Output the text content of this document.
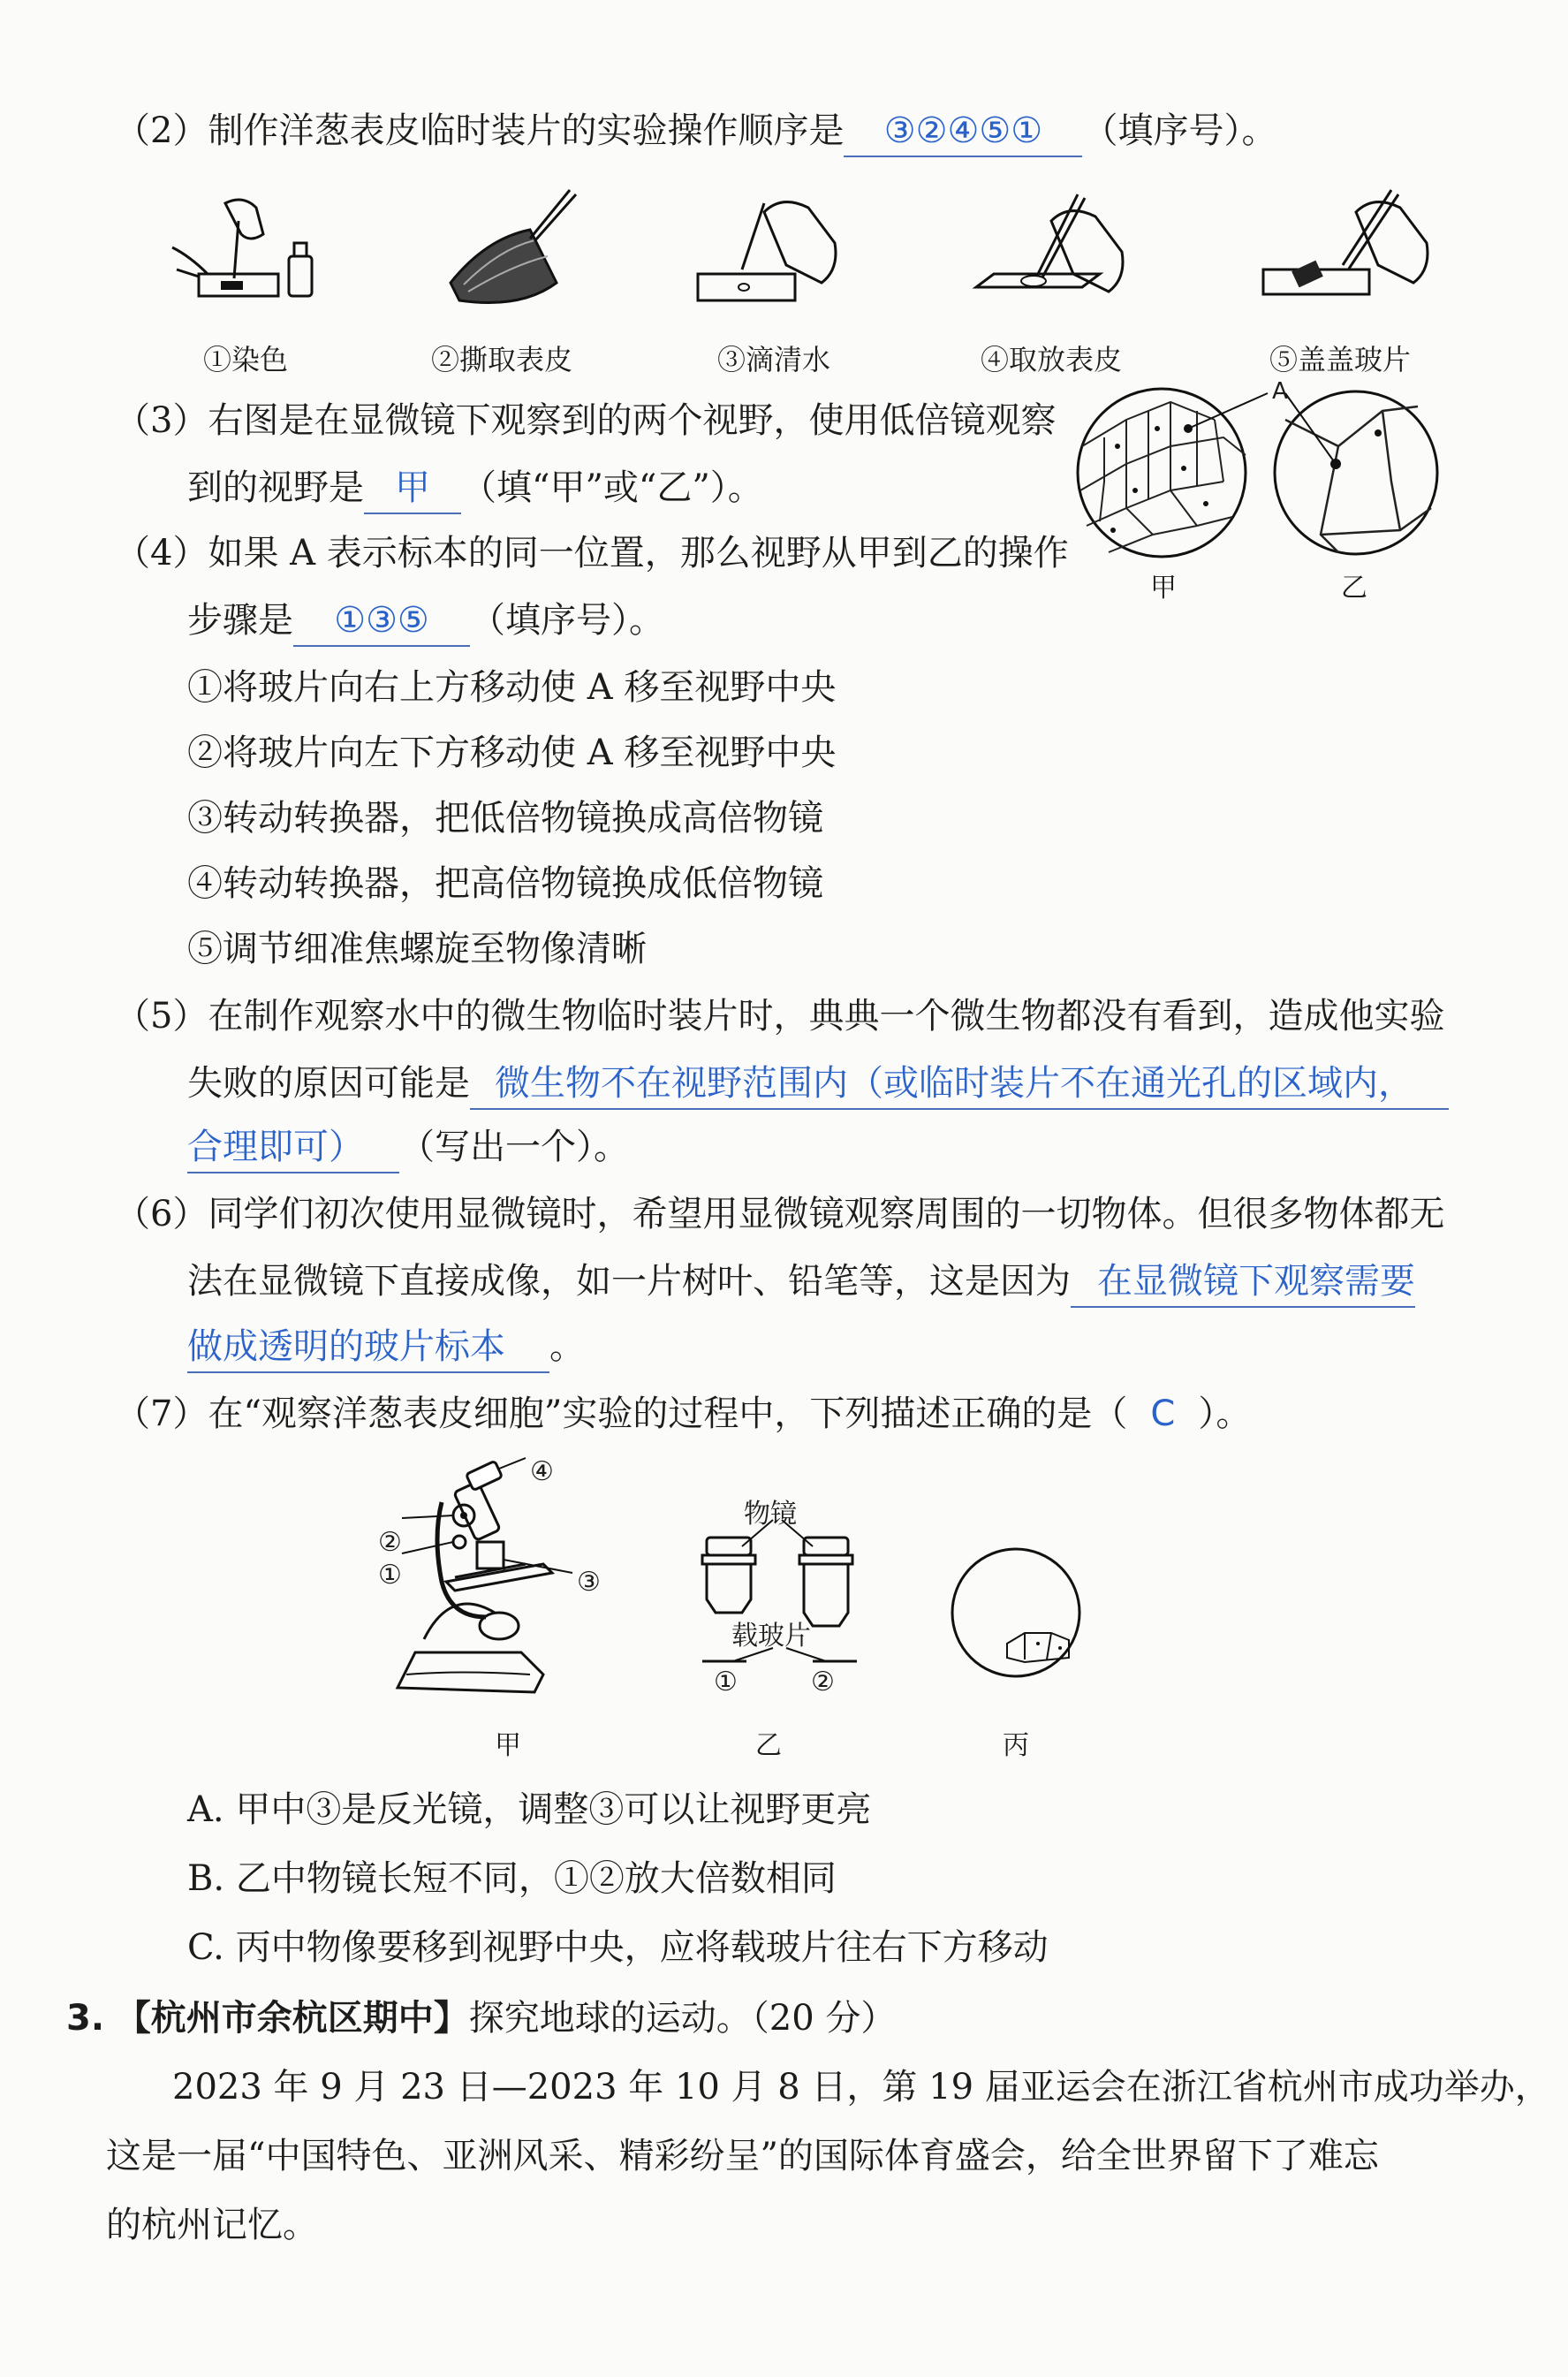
（2）制作洋葱表皮临时装片的实验操作顺序是 ③②④⑤① （填序号）。
①染色	②撕取表皮	③滴清水	④取放表皮	⑤盖盖玻片
（3）右图是在显微镜下观察到的两个视野，使用低倍镜观察
到的视野是 甲 （填“甲”或“乙”）。
A
甲	乙
（4）如果 A 表示标本的同一位置，那么视野从甲到乙的操作
步骤是 ①③⑤ （填序号）。
①将玻片向右上方移动使 A 移至视野中央
②将玻片向左下方移动使 A 移至视野中央
③转动转换器，把低倍物镜换成高倍物镜
④转动转换器，把高倍物镜换成低倍物镜
⑤调节细准焦螺旋至物像清晰
（5）在制作观察水中的微生物临时装片时，典典一个微生物都没有看到，造成他实验
失败的原因可能是 微生物不在视野范围内（或临时装片不在通光孔的区域内，
合理即可） （写出一个）。
（6）同学们初次使用显微镜时，希望用显微镜观察周围的一切物体。但很多物体都无
法在显微镜下直接成像，如一片树叶、铅笔等，这是因为 在显微镜下观察需要
做成透明的玻片标本 。
（7）在“观察洋葱表皮细胞”实验的过程中，下列描述正确的是（ C ）。
④
②
①	③
物镜
载玻片
①	②
甲	乙	丙
A. 甲中③是反光镜，调整③可以让视野更亮
B. 乙中物镜长短不同，①②放大倍数相同
C. 丙中物像要移到视野中央，应将载玻片往右下方移动
3. 【杭州市余杭区期中】探究地球的运动。（20 分）
2023 年 9 月 23 日—2023 年 10 月 8 日，第 19 届亚运会在浙江省杭州市成功举办，
这是一届“中国特色、亚洲风采、精彩纷呈”的国际体育盛会，给全世界留下了难忘
的杭州记忆。
